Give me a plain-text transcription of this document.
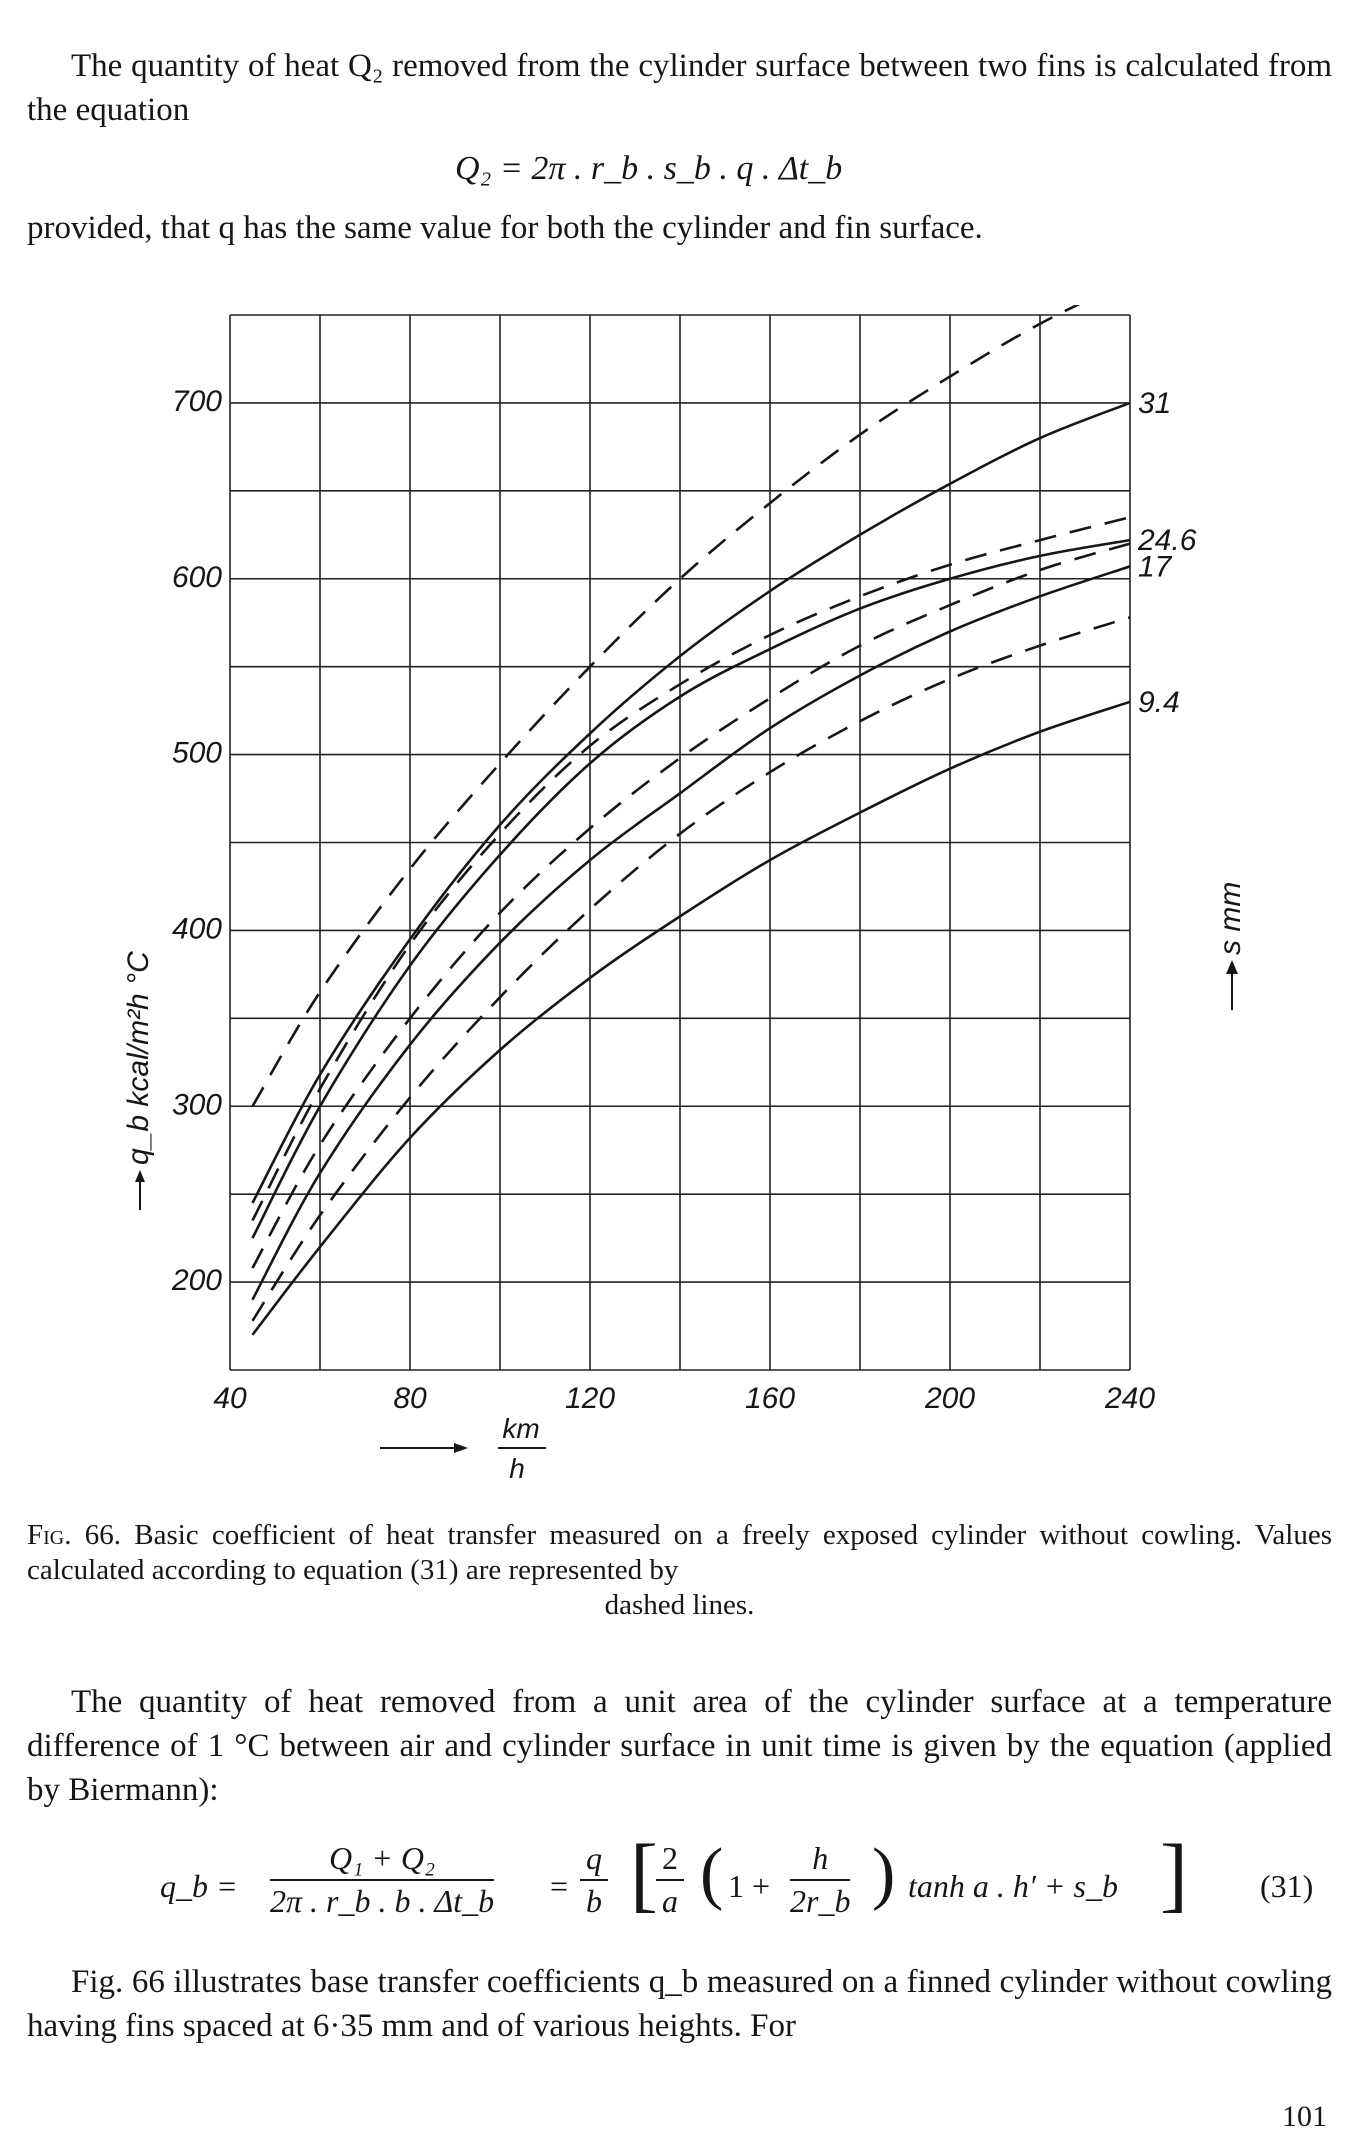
The quantity of heat Q₂ removed from the cylinder surface between two fins is calculated from the equation
Q₂ = 2π . r_b . s_b . q . Δt_b
provided, that q has the same value for both the cylinder and fin surface.
40	80	120	160	200	240
200
300
400
500
600
700	31
24.6
17
9.4
q_b kcal/m²h °C
s mm
km
h
Fig. 66. Basic coefficient of heat transfer measured on a freely exposed cylinder without cowling. Values calculated according to equation (31) are represented by
dashed lines.
The quantity of heat removed from a unit area of the cylinder surface at a temperature difference of 1 °C between air and cylinder surface in unit time is given by the equation (applied by Biermann):
q_b = $\frac{\text{Q₁ + Q₂}}{2\pi . r\_b . b . \Delta t\_b} = \frac{q}{b}$ [
$\frac{2}{a}$ ( $1 + \frac{h}{2r\_b}$ ) tanh a . h′ + s_b ] (31)
Fig. 66 illustrates base transfer coefficients q_b measured on a finned cylinder without cowling having fins spaced at 6·35 mm and of various heights. For
101
